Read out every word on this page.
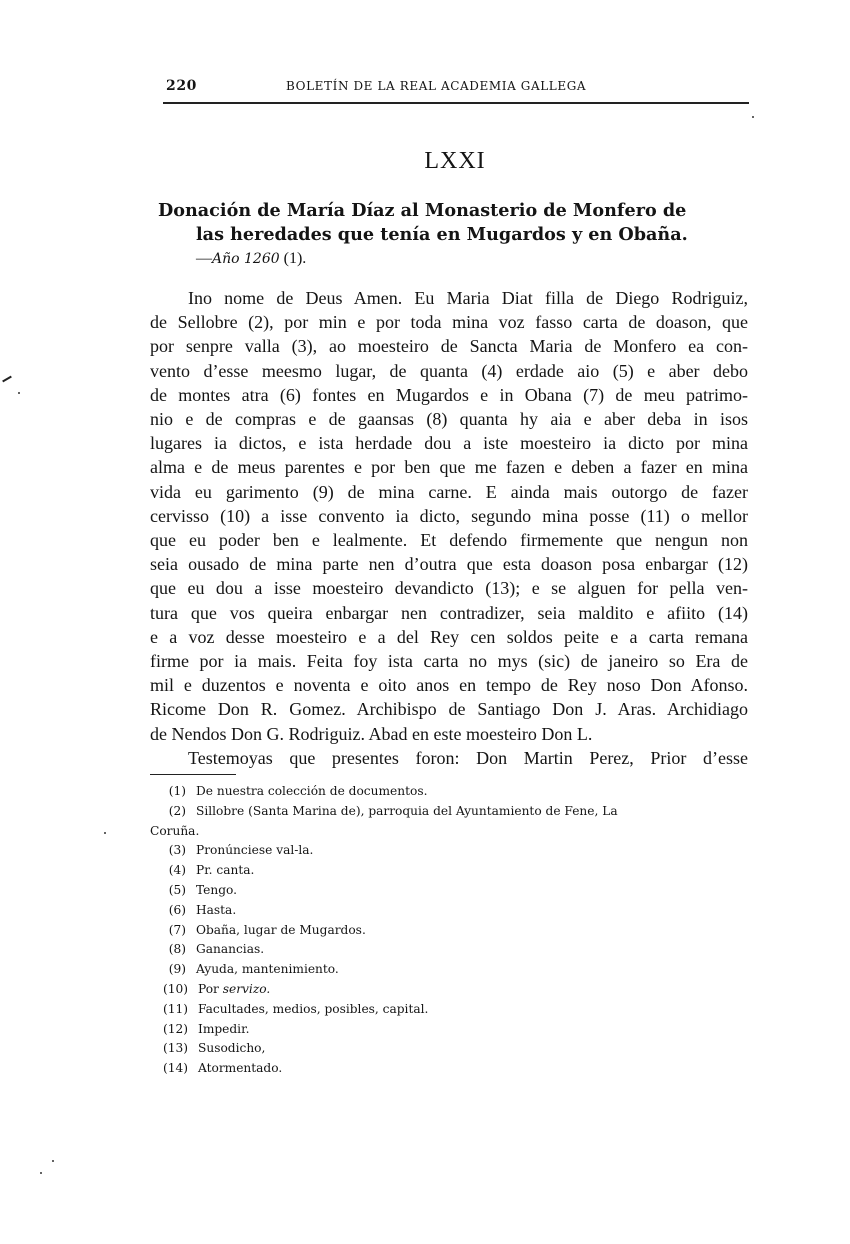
220	BOLETÍN DE LA REAL ACADEMIA GALLEGA
LXXI
Donación de María Díaz al Monasterio de Monfero de
las heredades que tenía en Mugardos y en Obaña.
—Año 1260 (1).
Ino nome de Deus Amen. Eu Maria Diat filla de Diego Rodriguiz,
de Sellobre (2), por min e por toda mina voz fasso carta de doason, que
por senpre valla (3), ao moesteiro de Sancta Maria de Monfero ea con-
vento d’esse meesmo lugar, de quanta (4) erdade aio (5) e aber debo
de montes atra (6) fontes en Mugardos e in Obana (7) de meu patrimo-
nio e de compras e de gaansas (8) quanta hy aia e aber deba in isos
lugares ia dictos, e ista herdade dou a iste moesteiro ia dicto por mina
alma e de meus parentes e por ben que me fazen e deben a fazer en mina
vida eu garimento (9) de mina carne. E ainda mais outorgo de fazer
cervisso (10) a isse convento ia dicto, segundo mina posse (11) o mellor
que eu poder ben e lealmente. Et defendo firmemente que nengun non
seia ousado de mina parte nen d’outra que esta doason posa enbargar (12)
que eu dou a isse moesteiro devandicto (13); e se alguen for pella ven-
tura que vos queira enbargar nen contradizer, seia maldito e afiito (14)
e a voz desse moesteiro e a del Rey cen soldos peite e a carta remana
firme por ia mais. Feita foy ista carta no mys (sic) de janeiro so Era de
mil e duzentos e noventa e oito anos en tempo de Rey noso Don Afonso.
Ricome Don R. Gomez. Archibispo de Santiago Don J. Aras. Archidiago
de Nendos Don G. Rodriguiz. Abad en este moesteiro Don L.
Testemoyas que presentes foron: Don Martin Perez, Prior d’esse
(1) De nuestra colección de documentos.
(2) Sillobre (Santa Marina de), parroquia del Ayuntamiento de Fene, La
Coruña.
(3) Pronúnciese val-la.
(4) Pr. canta.
(5) Tengo.
(6) Hasta.
(7) Obaña, lugar de Mugardos.
(8) Ganancias.
(9) Ayuda, mantenimiento.
(10) Por servizo.
(11) Facultades, medios, posibles, capital.
(12) Impedir.
(13) Susodicho,
(14) Atormentado.
